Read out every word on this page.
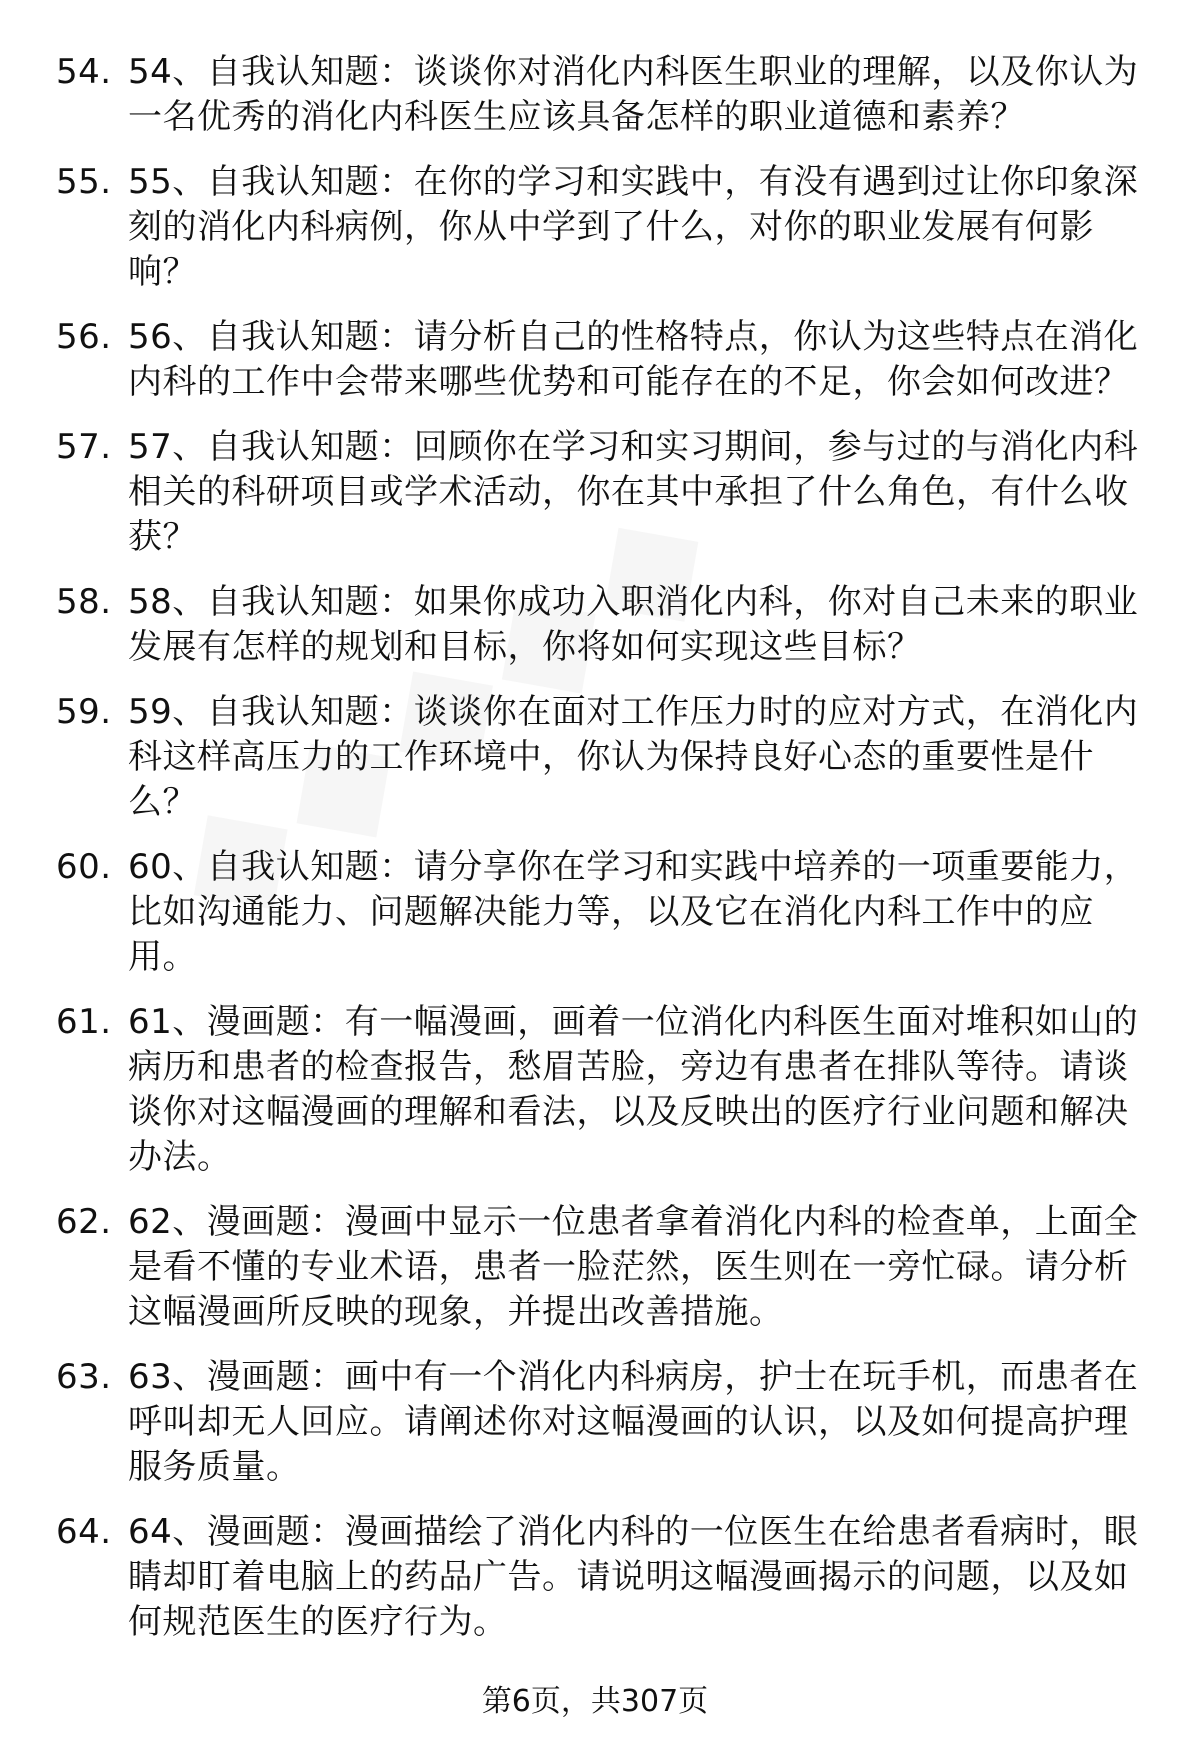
54. 54、自我认知题：谈谈你对消化内科医生职业的理解，以及你认为一名优秀的消化内科医生应该具备怎样的职业道德和素养？
55. 55、自我认知题：在你的学习和实践中，有没有遇到过让你印象深刻的消化内科病例，你从中学到了什么，对你的职业发展有何影响？
56. 56、自我认知题：请分析自己的性格特点，你认为这些特点在消化内科的工作中会带来哪些优势和可能存在的不足，你会如何改进？
57. 57、自我认知题：回顾你在学习和实习期间，参与过的与消化内科相关的科研项目或学术活动，你在其中承担了什么角色，有什么收获？
58. 58、自我认知题：如果你成功入职消化内科，你对自己未来的职业发展有怎样的规划和目标，你将如何实现这些目标？
59. 59、自我认知题：谈谈你在面对工作压力时的应对方式，在消化内科这样高压力的工作环境中，你认为保持良好心态的重要性是什么？
60. 60、自我认知题：请分享你在学习和实践中培养的一项重要能力，比如沟通能力、问题解决能力等，以及它在消化内科工作中的应用。
61. 61、漫画题：有一幅漫画，画着一位消化内科医生面对堆积如山的病历和患者的检查报告，愁眉苦脸，旁边有患者在排队等待。请谈谈你对这幅漫画的理解和看法，以及反映出的医疗行业问题和解决办法。
62. 62、漫画题：漫画中显示一位患者拿着消化内科的检查单，上面全是看不懂的专业术语，患者一脸茫然，医生则在一旁忙碌。请分析这幅漫画所反映的现象，并提出改善措施。
63. 63、漫画题：画中有一个消化内科病房，护士在玩手机，而患者在呼叫却无人回应。请阐述你对这幅漫画的认识，以及如何提高护理服务质量。
64. 64、漫画题：漫画描绘了消化内科的一位医生在给患者看病时，眼睛却盯着电脑上的药品广告。请说明这幅漫画揭示的问题，以及如何规范医生的医疗行为。
第6页，共307页
